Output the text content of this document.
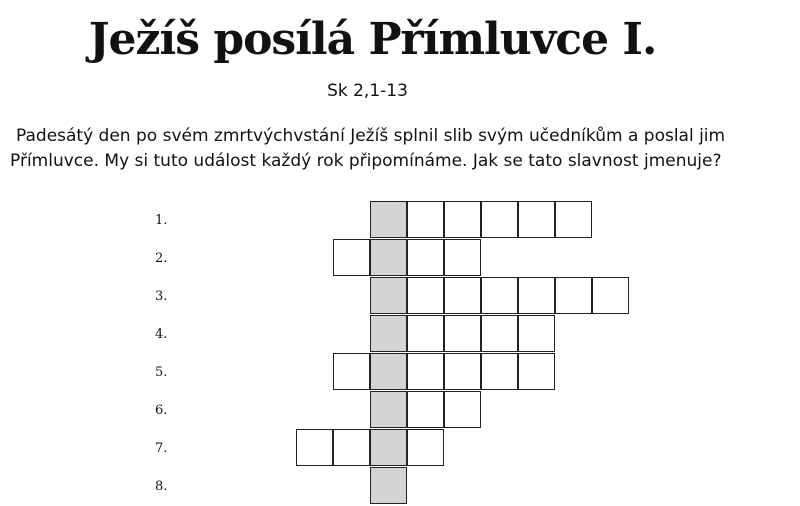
Ježíš posílá Přímluvce I.
Sk 2,1-13

Padesátý den po svém zmrtvýchvstání Ježíš splnil slib svým učedníkům a poslal jim

Přímluvce. My si tuto událost každý rok připomínáme. Jak se tato slavnost jmenuje?

1.
2.
3.
4.
5.
6.
7.
8.
